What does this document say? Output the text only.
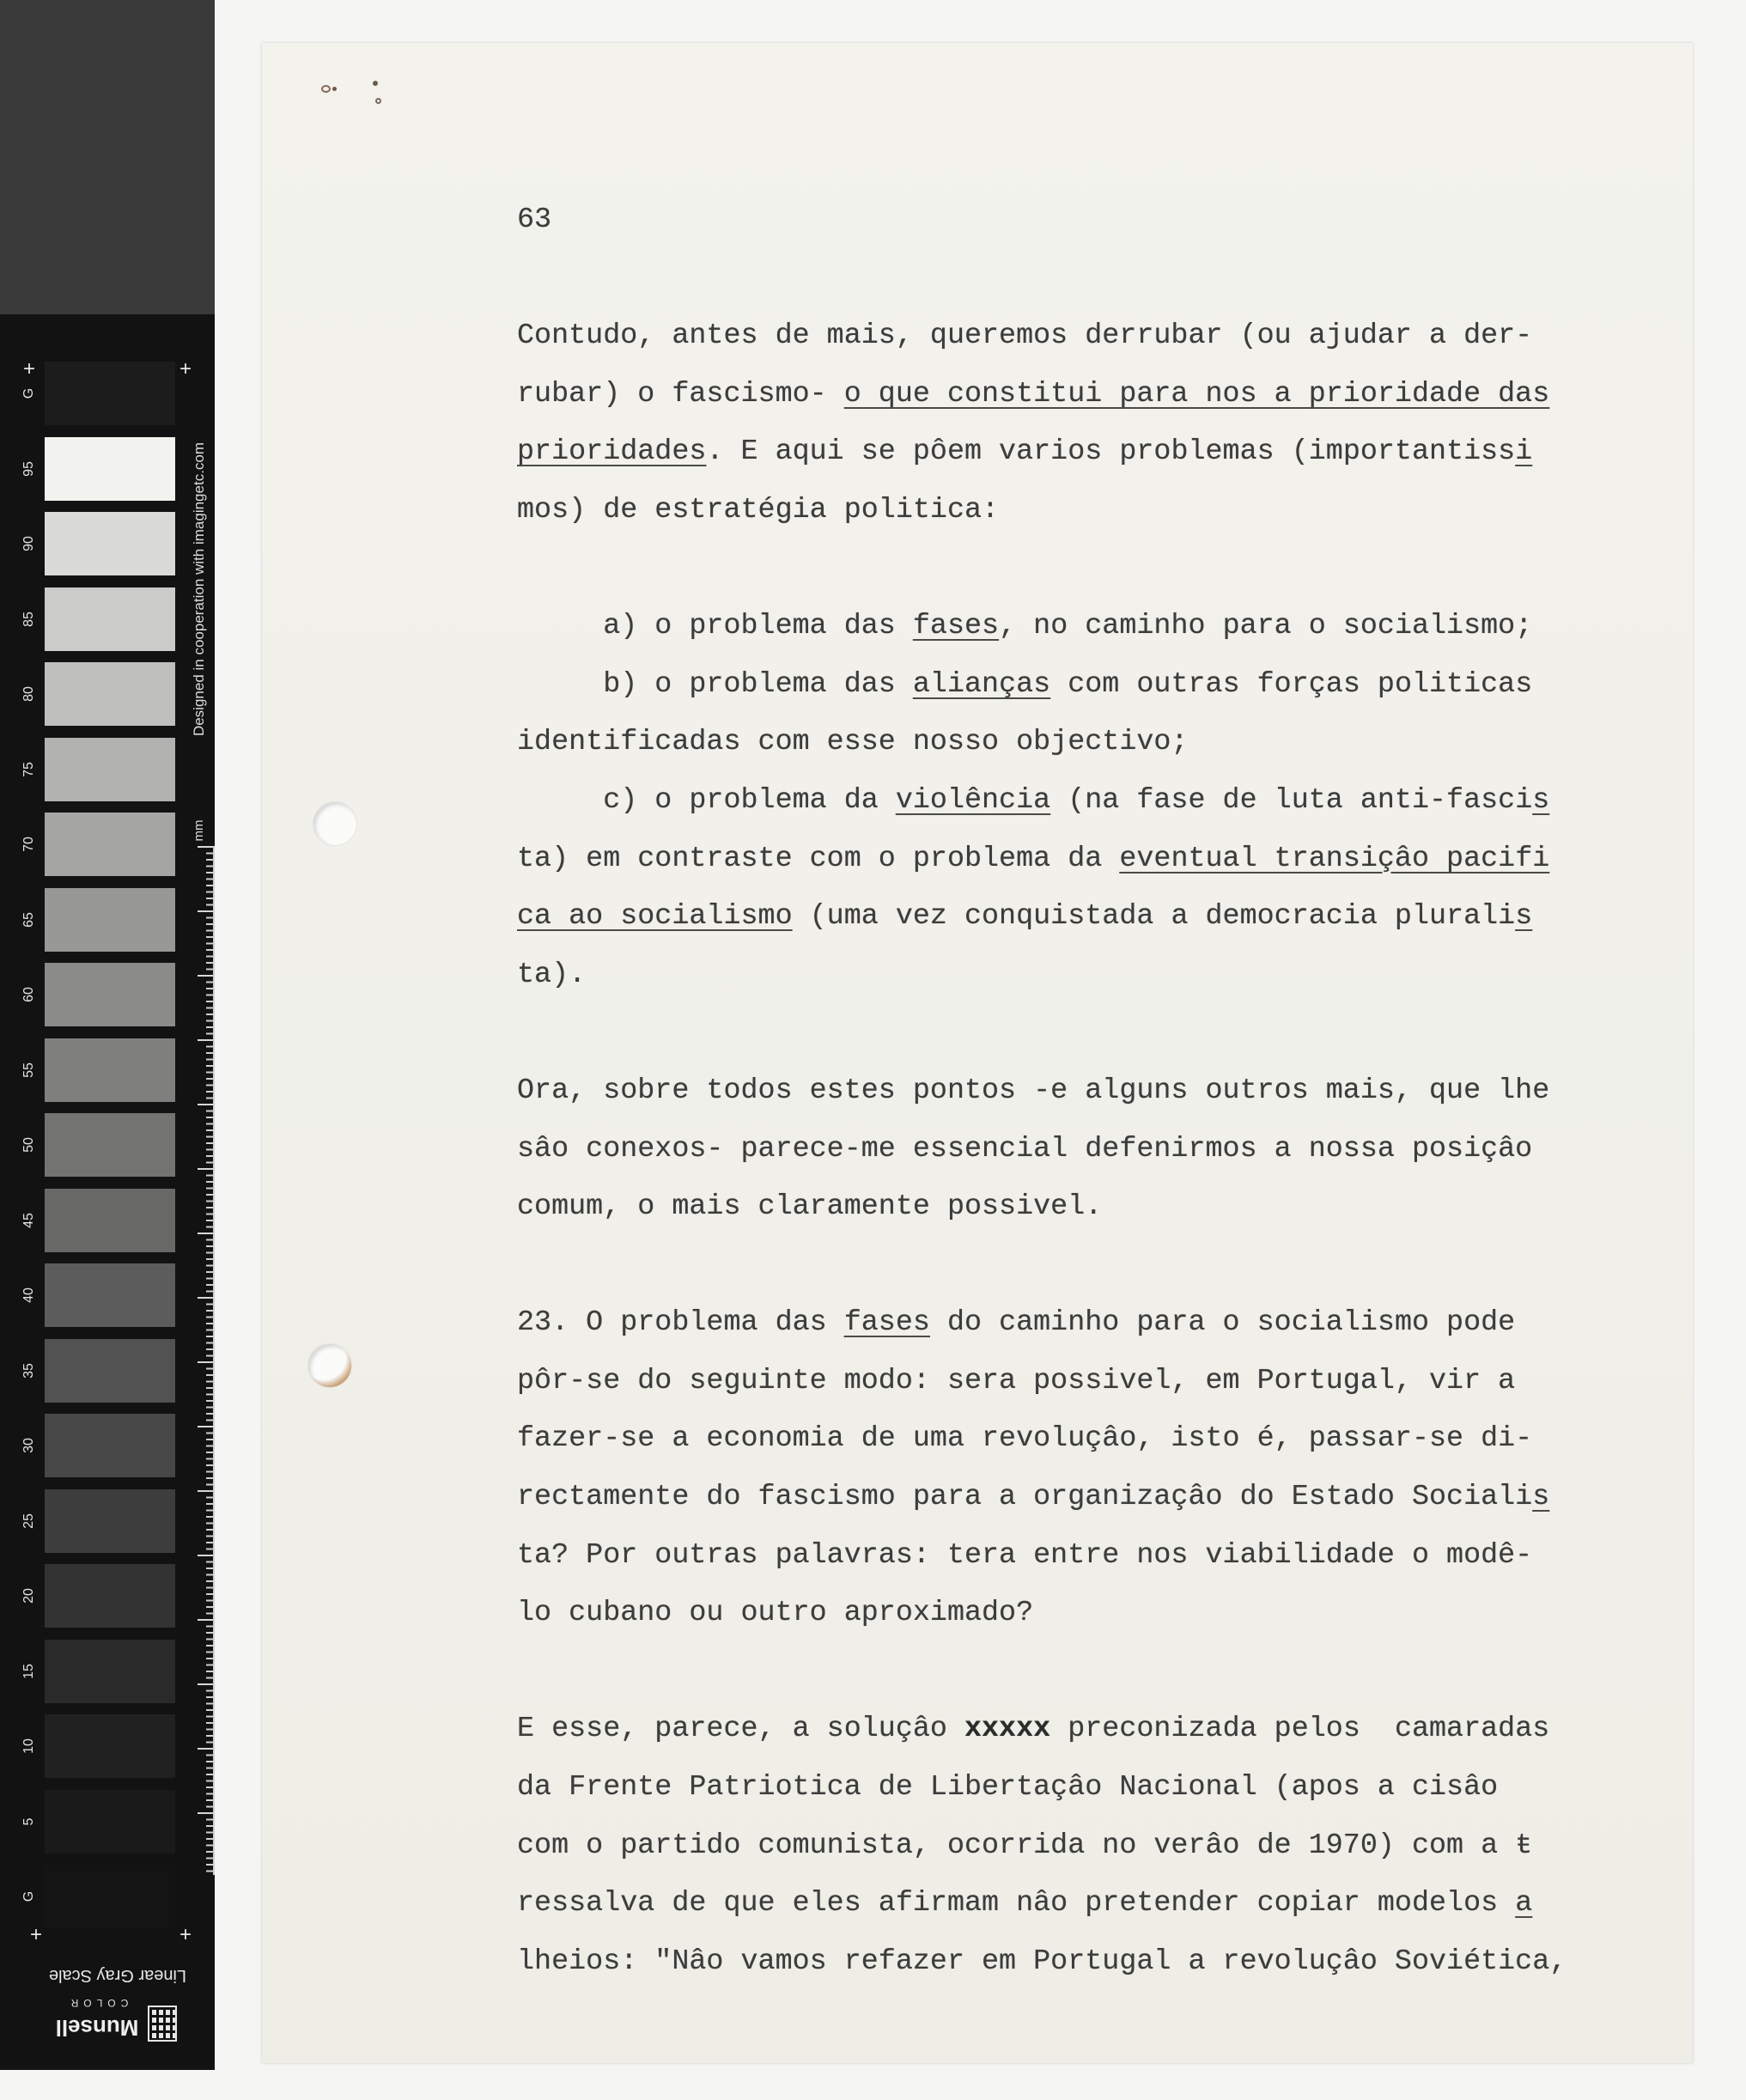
+	+
+	+
Designed in cooperation with imagingetc.com
mm
Linear Gray Scale
COLOR
Munsell
G
95
90
85
80
75
70
65
60
55
50
45
40
35
30
25
20
15
10
5
G
63
Contudo, antes de mais, queremos derrubar (ou ajudar a der-
rubar) o fascismo- o que constitui para nos a prioridade das
prioridades. E aqui se pôem varios problemas (importantissi
mos) de estratégia politica:
a) o problema das fases, no caminho para o socialismo;
b) o problema das alianças com outras forças politicas
identificadas com esse nosso objectivo;
c) o problema da violência (na fase de luta anti-fascis
ta) em contraste com o problema da eventual transiçâo pacifi
ca ao socialismo (uma vez conquistada a democracia pluralis
ta).
Ora, sobre todos estes pontos -e alguns outros mais, que lhe
sâo conexos- parece-me essencial defenirmos a nossa posiçâo
comum, o mais claramente possivel.
23. O problema das fases do caminho para o socialismo pode
pôr-se do seguinte modo: sera possivel, em Portugal, vir a
fazer-se a economia de uma revoluçâo, isto é, passar-se di-
rectamente do fascismo para a organizaçâo do Estado Socialis
ta? Por outras palavras: tera entre nos viabilidade o modê-
lo cubano ou outro aproximado?
E esse, parece, a soluçâo xxxxx preconizada pelos  camaradas
da Frente Patriotica de Libertaçâo Nacional (apos a cisâo
com o partido comunista, ocorrida no verâo de 1970) com a ŧ
ressalva de que eles afirmam nâo pretender copiar modelos a
lheios: "Nâo vamos refazer em Portugal a revoluçâo Soviética,
